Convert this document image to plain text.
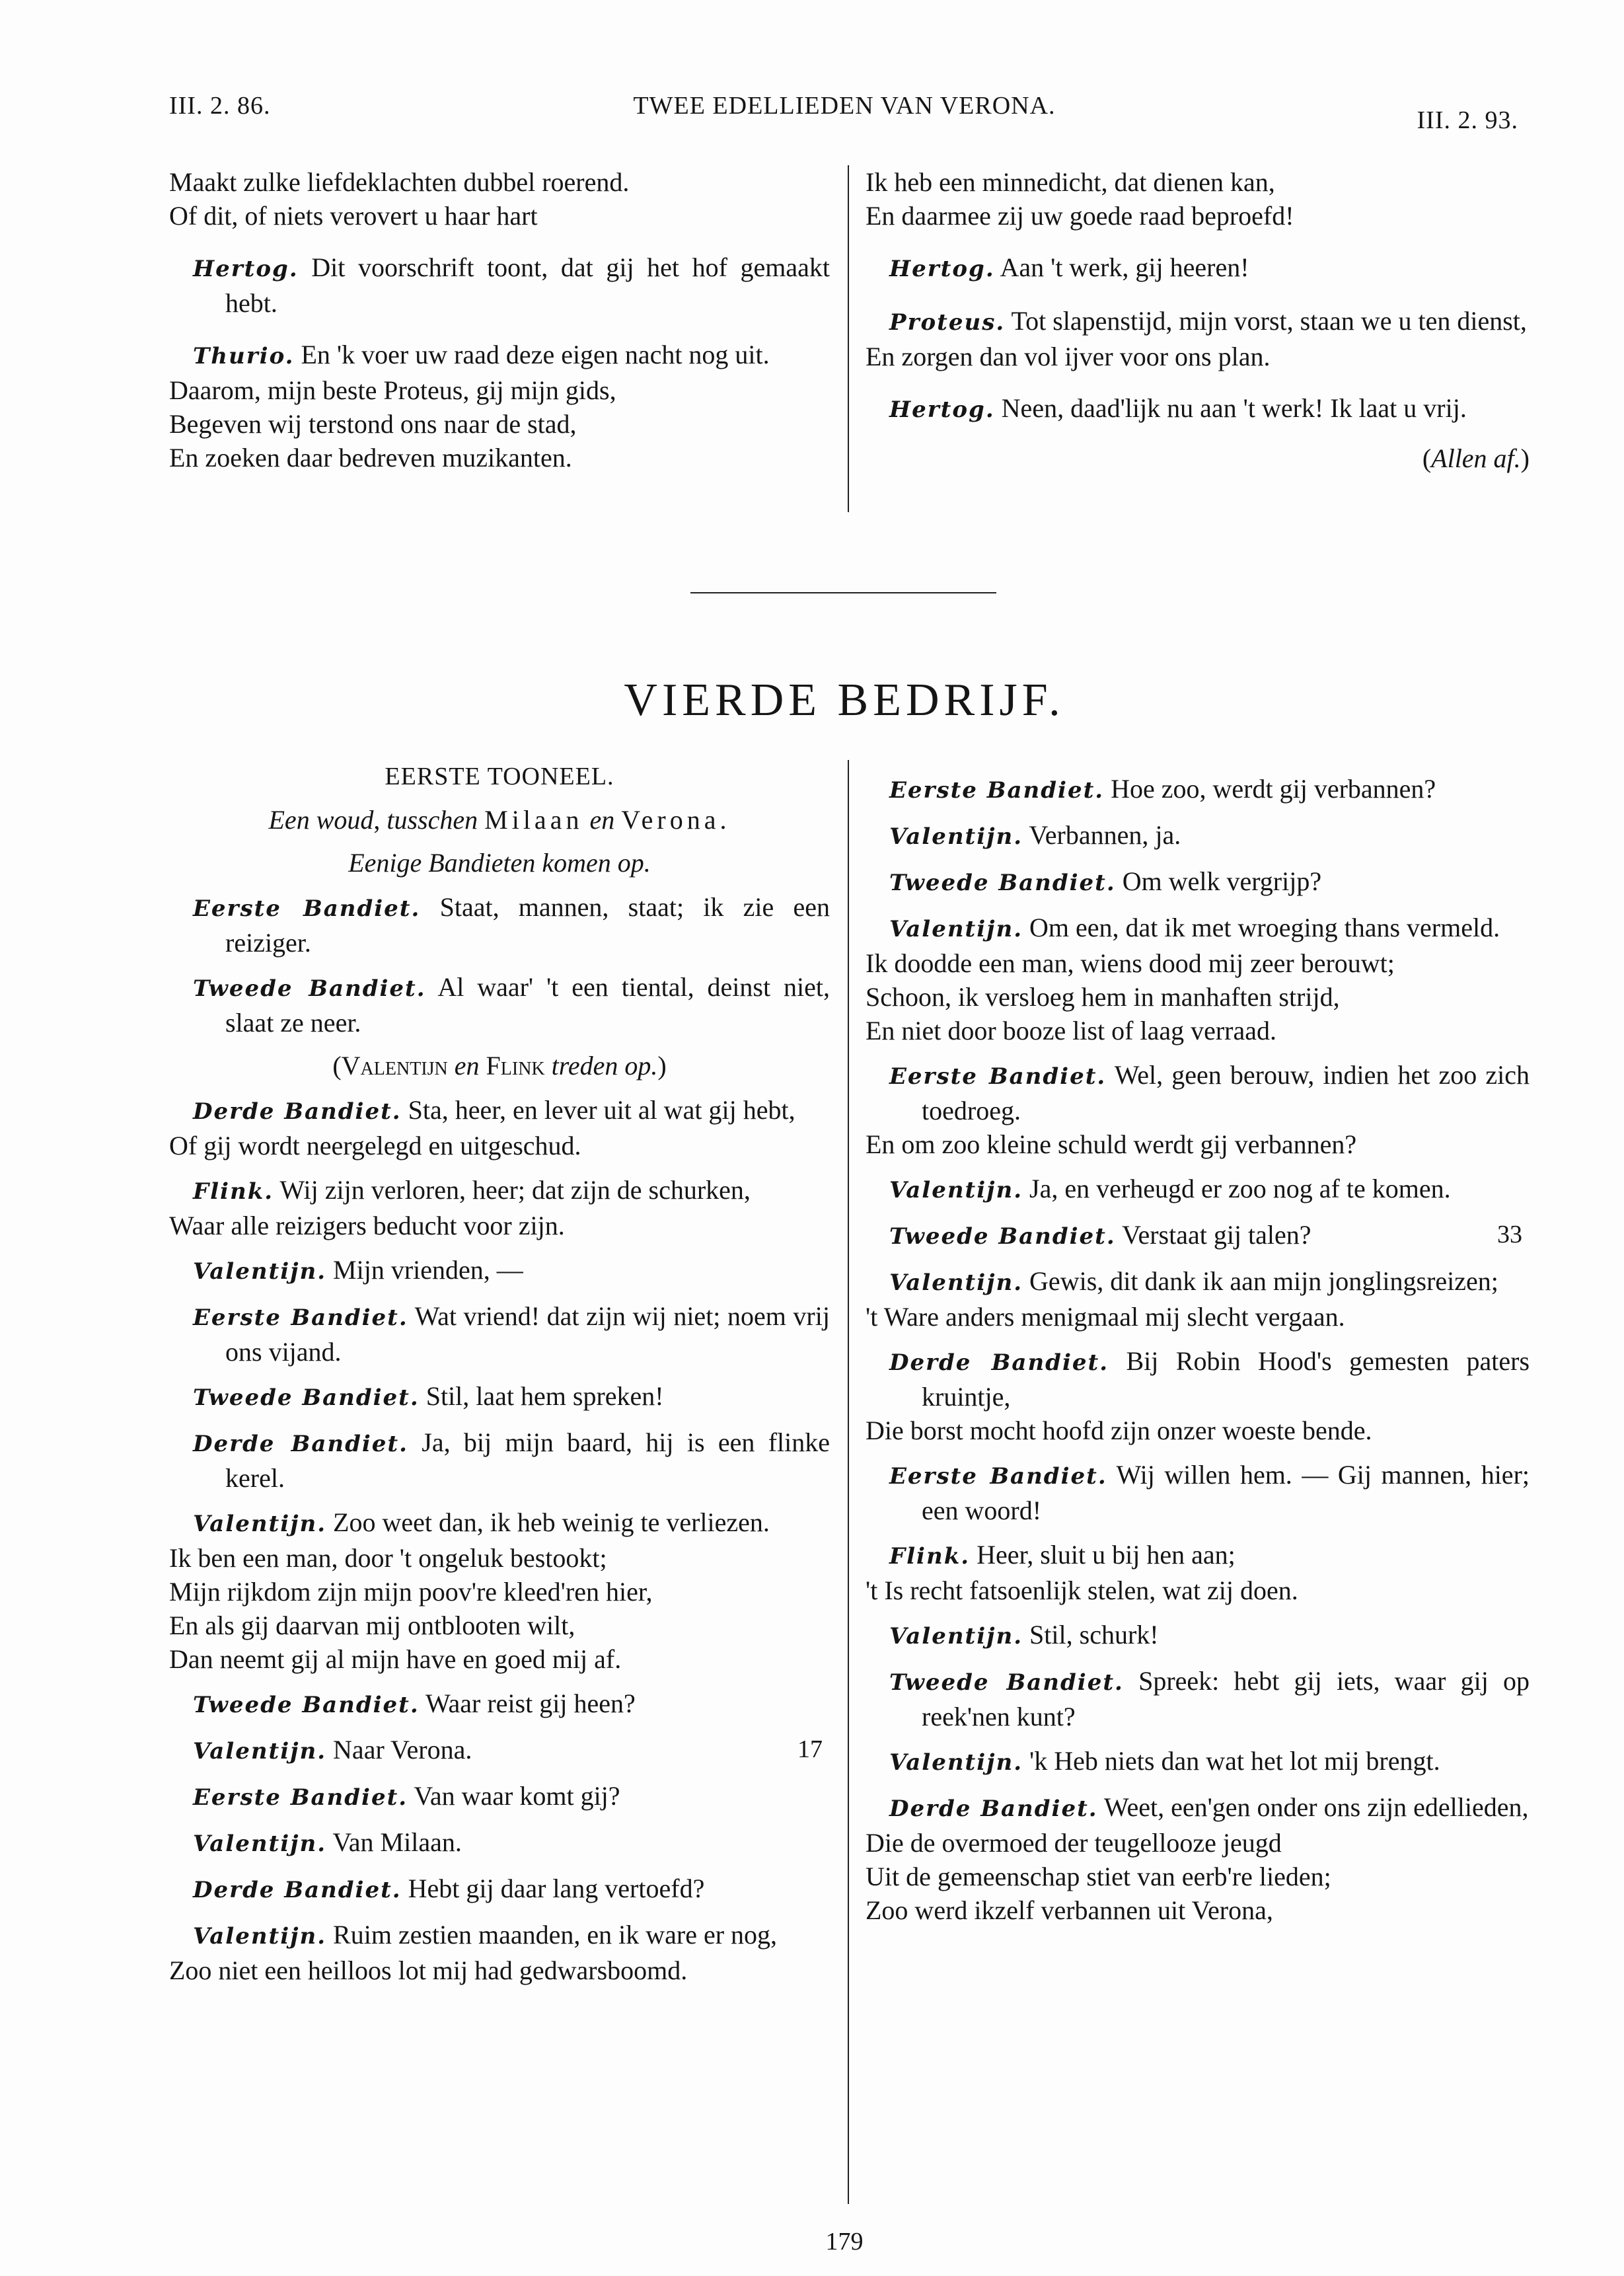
III. 2. 86.	TWEE EDELLIEDEN VAN VERONA.
III. 2. 93.
Maakt zulke liefdeklachten dubbel roerend.
Of dit, of niets verovert u haar hart
Hertog. Dit voorschrift toont, dat gij het hof gemaakt hebt.
Thurio. En 'k voer uw raad deze eigen nacht nog uit.
Daarom, mijn beste Proteus, gij mijn gids,
Begeven wij terstond ons naar de stad,
En zoeken daar bedreven muzikanten.
Ik heb een minnedicht, dat dienen kan,
En daarmee zij uw goede raad beproefd!
Hertog. Aan 't werk, gij heeren!
Proteus. Tot slapenstijd, mijn vorst, staan we u ten dienst,
En zorgen dan vol ijver voor ons plan.
Hertog. Neen, daad'lijk nu aan 't werk! Ik laat u vrij.
(Allen af.)
VIERDE BEDRIJF.
EERSTE TOONEEL.
Een woud, tusschen Milaan en Verona.
Eenige Bandieten komen op.
Eerste Bandiet. Staat, mannen, staat; ik zie een reiziger.
Tweede Bandiet. Al waar' 't een tiental, deinst niet, slaat ze neer.
(Valentijn en Flink treden op.)
Derde Bandiet. Sta, heer, en lever uit al wat gij hebt,
Of gij wordt neergelegd en uitgeschud.
Flink. Wij zijn verloren, heer; dat zijn de schurken,
Waar alle reizigers beducht voor zijn.
Valentijn. Mijn vrienden, —
Eerste Bandiet. Wat vriend! dat zijn wij niet; noem vrij ons vijand.
Tweede Bandiet. Stil, laat hem spreken!
Derde Bandiet. Ja, bij mijn baard, hij is een flinke kerel.
Valentijn. Zoo weet dan, ik heb weinig te verliezen.
Ik ben een man, door 't ongeluk bestookt;
Mijn rijkdom zijn mijn poov're kleed'ren hier,
En als gij daarvan mij ontblooten wilt,
Dan neemt gij al mijn have en goed mij af.
Tweede Bandiet. Waar reist gij heen?
17
Valentijn. Naar Verona.
Eerste Bandiet. Van waar komt gij?
Valentijn. Van Milaan.
Derde Bandiet. Hebt gij daar lang vertoefd?
Valentijn. Ruim zestien maanden, en ik ware er nog,
Zoo niet een heilloos lot mij had gedwarsboomd.
Eerste Bandiet. Hoe zoo, werdt gij verbannen?
Valentijn. Verbannen, ja.
Tweede Bandiet. Om welk vergrijp?
Valentijn. Om een, dat ik met wroeging thans vermeld.
Ik doodde een man, wiens dood mij zeer berouwt;
Schoon, ik versloeg hem in manhaften strijd,
En niet door booze list of laag verraad.
Eerste Bandiet. Wel, geen berouw, indien het zoo zich toedroeg.
En om zoo kleine schuld werdt gij verbannen?
Valentijn. Ja, en verheugd er zoo nog af te komen.
33
Tweede Bandiet. Verstaat gij talen?
Valentijn. Gewis, dit dank ik aan mijn jonglingsreizen;
't Ware anders menigmaal mij slecht vergaan.
Derde Bandiet. Bij Robin Hood's gemesten paters kruintje,
Die borst mocht hoofd zijn onzer woeste bende.
Eerste Bandiet. Wij willen hem. — Gij mannen, hier; een woord!
Flink. Heer, sluit u bij hen aan;
't Is recht fatsoenlijk stelen, wat zij doen.
Valentijn. Stil, schurk!
Tweede Bandiet. Spreek: hebt gij iets, waar gij op reek'nen kunt?
Valentijn. 'k Heb niets dan wat het lot mij brengt.
Derde Bandiet. Weet, een'gen onder ons zijn edellieden,
Die de overmoed der teugellooze jeugd
Uit de gemeenschap stiet van eerb're lieden;
Zoo werd ikzelf verbannen uit Verona,
179
